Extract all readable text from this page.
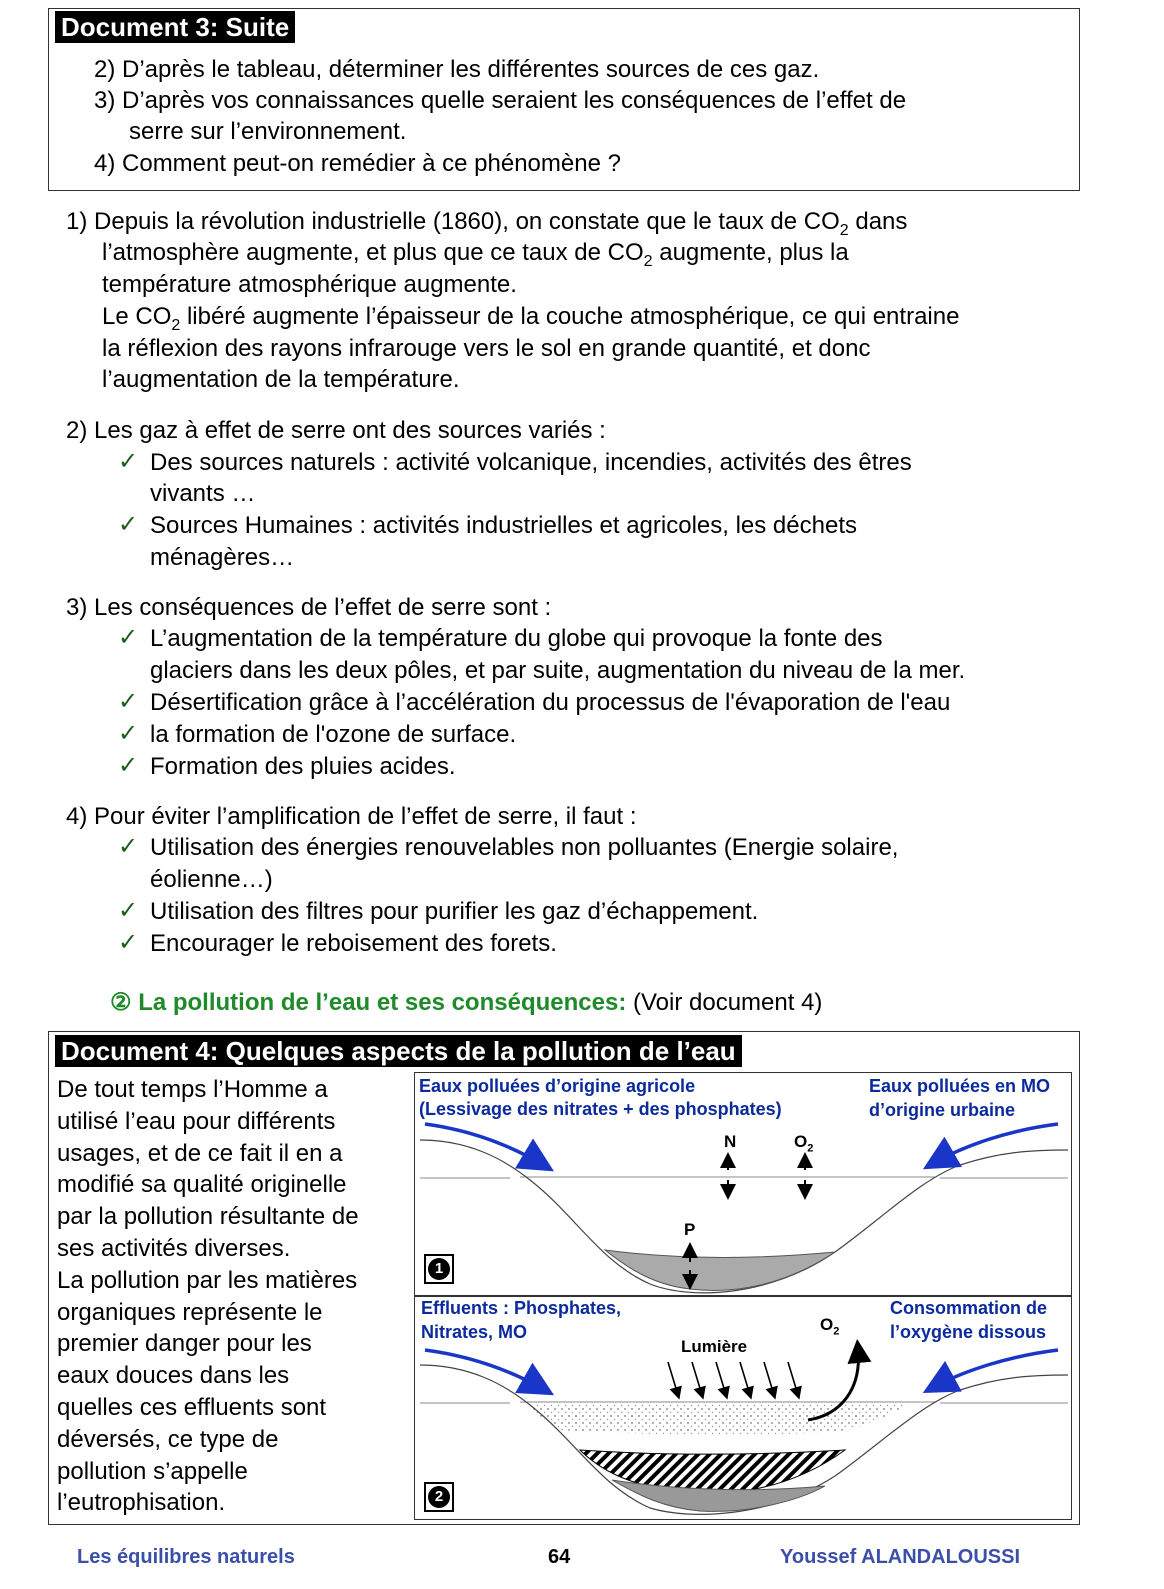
Document 3: Suite
2) D’après le tableau, déterminer les différentes sources de ces gaz.
3) D’après vos connaissances quelle seraient les conséquences de l’effet de
serre sur l’environnement.
4) Comment peut-on remédier à ce phénomène ?
1) Depuis la révolution industrielle (1860), on constate que le taux de $CO_2$ dans
l’atmosphère augmente, et plus que ce taux de $CO_2$ augmente, plus la
température atmosphérique augmente.
Le $CO_2$ libéré augmente l’épaisseur de la couche atmosphérique, ce qui entraine
la réflexion des rayons infrarouge vers le sol en grande quantité, et donc
l’augmentation de la température.
2) Les gaz à effet de serre ont des sources variés :
✓ Des sources naturels : activité volcanique, incendies, activités des êtres
vivants …
✓ Sources Humaines : activités industrielles et agricoles, les déchets
ménagères…
3) Les conséquences de l’effet de serre sont :
✓ L’augmentation de la température du globe qui provoque la fonte des
glaciers dans les deux pôles, et par suite, augmentation du niveau de la mer.
✓ Désertification grâce à l’accélération du processus de l'évaporation de l'eau
✓ la formation de l'ozone de surface.
✓ Formation des pluies acides.
4) Pour éviter l’amplification de l’effet de serre, il faut :
✓ Utilisation des énergies renouvelables non polluantes (Energie solaire,
éolienne…)
✓ Utilisation des filtres pour purifier les gaz d’échappement.
✓ Encourager le reboisement des forets.
② La pollution de l’eau et ses conséquences: (Voir document 4)
Document 4: Quelques aspects de la pollution de l’eau
De tout temps l’Homme a
utilisé l’eau pour différents
usages, et de ce fait il en a
modifié sa qualité originelle
par la pollution résultante de
ses activités diverses.
La pollution par les matières
organiques représente le
premier danger pour les
eaux douces dans les
quelles ces effluents sont
déversés, ce type de
pollution s’appelle
l’eutrophisation.
Eaux polluées d’origine agricole
(Lessivage des nitrates + des phosphates)
Eaux polluées en MO
d’origine urbaine
N	$O_2$
P
1
Effluents : Phosphates,
Nitrates, MO
Consommation de
l’oxygène dissous
Lumière
$O_2$
2
Les équilibres naturels	64	Youssef ALANDALOUSSI
